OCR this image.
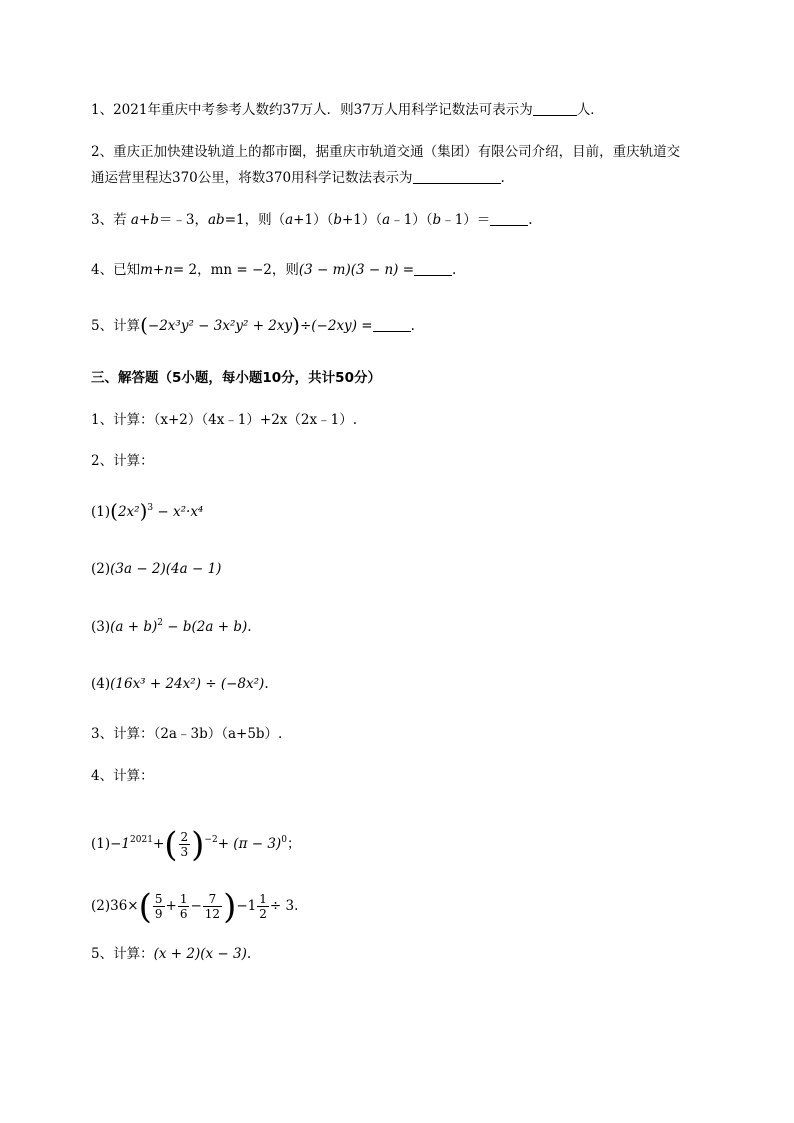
1、2021年重庆中考参考人数约37万人．则37万人用科学记数法可表示为	人．
2、重庆正加快建设轨道上的都市圈，据重庆市轨道交通（集团）有限公司介绍，目前，重庆轨道交
通运营里程达370公里，将数370用科学记数法表示为	.
3、若 a+b＝﹣3，ab=1，则（a+1）（b+1）（a﹣1）（b﹣1）＝	.
4、已知m+n= 2，mn = −2，则(3 − m)(3 − n) =	.
5、计算(−2x³y² − 3x²y² + 2xy)÷(−2xy) =	.
三、解答题（5小题，每小题10分，共计50分）
1、计算：（x+2）（4x﹣1）+2x（2x﹣1）.
2、计算：
$(1)(2x^2)^3 - x^2\cdot x^4$
(2)(3a − 2)(4a − 1)
$(3)(a + b)^2 - b(2a + b)$.
(4)(16x³ + 24x²) ÷ (−8x²).
3、计算：（2a﹣3b）（a+5b）.
4、计算：
$(1)-1^{2021}+( \frac{2}{3} )^{-2}+ (\pi - 3)^0$；
$(2)36\times( \frac{5}{9} + \frac{1}{6} - \frac{7}{12} )-1 \frac{1}{2} \div 3$.
5、计算：(x + 2)(x − 3).
